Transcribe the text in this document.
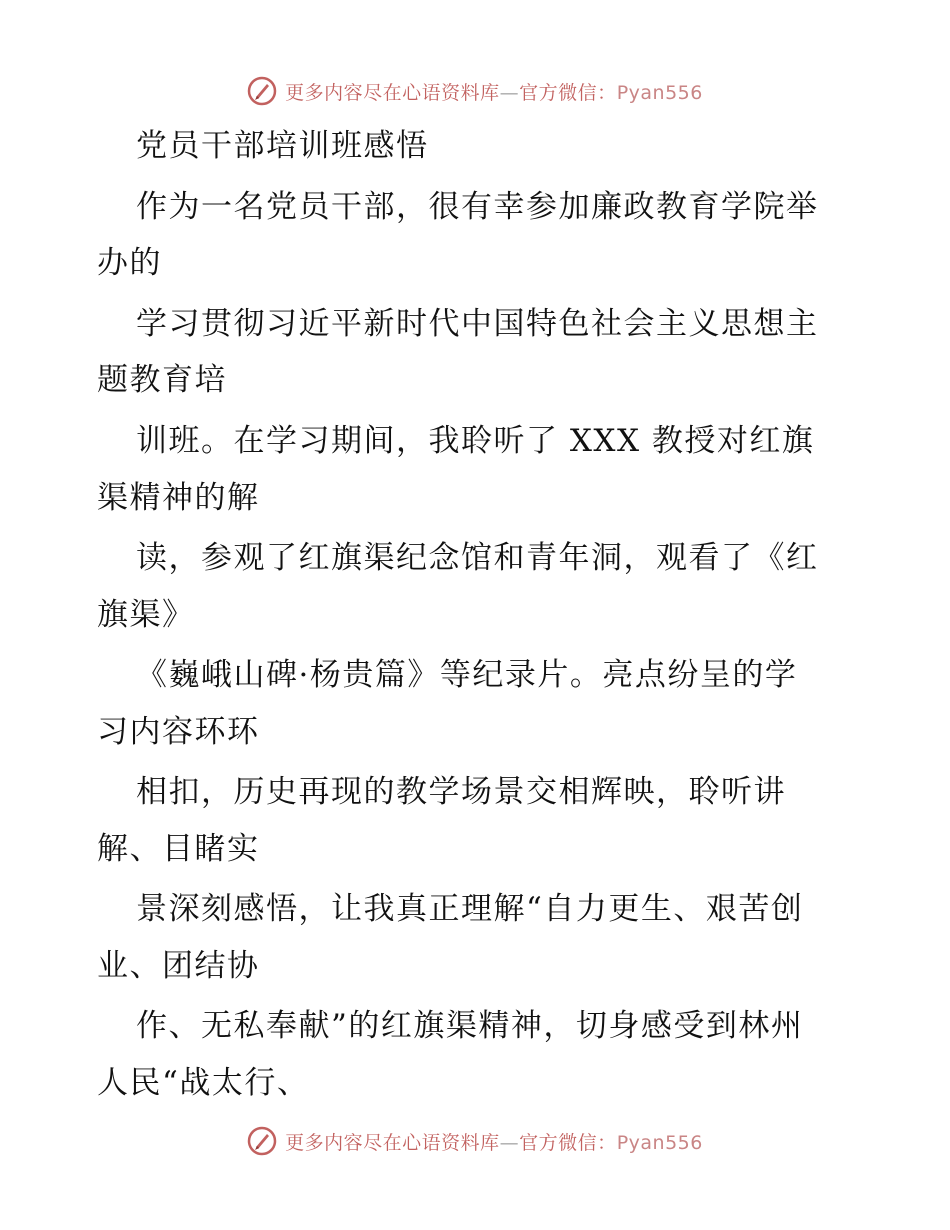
更多内容尽在心语资料库—官方微信：Pyan556
党员干部培训班感悟
作为一名党员干部，很有幸参加廉政教育学院举
办的
学习贯彻习近平新时代中国特色社会主义思想主
题教育培
训班。在学习期间，我聆听了 XXX 教授对红旗
渠精神的解
读，参观了红旗渠纪念馆和青年洞，观看了《红
旗渠》
《巍峨山碑·杨贵篇》等纪录片。亮点纷呈的学
习内容环环
相扣，历史再现的教学场景交相辉映，聆听讲
解、目睹实
景深刻感悟，让我真正理解“自力更生、艰苦创
业、团结协
作、无私奉献”的红旗渠精神，切身感受到林州
人民“战太行、
更多内容尽在心语资料库—官方微信：Pyan556
